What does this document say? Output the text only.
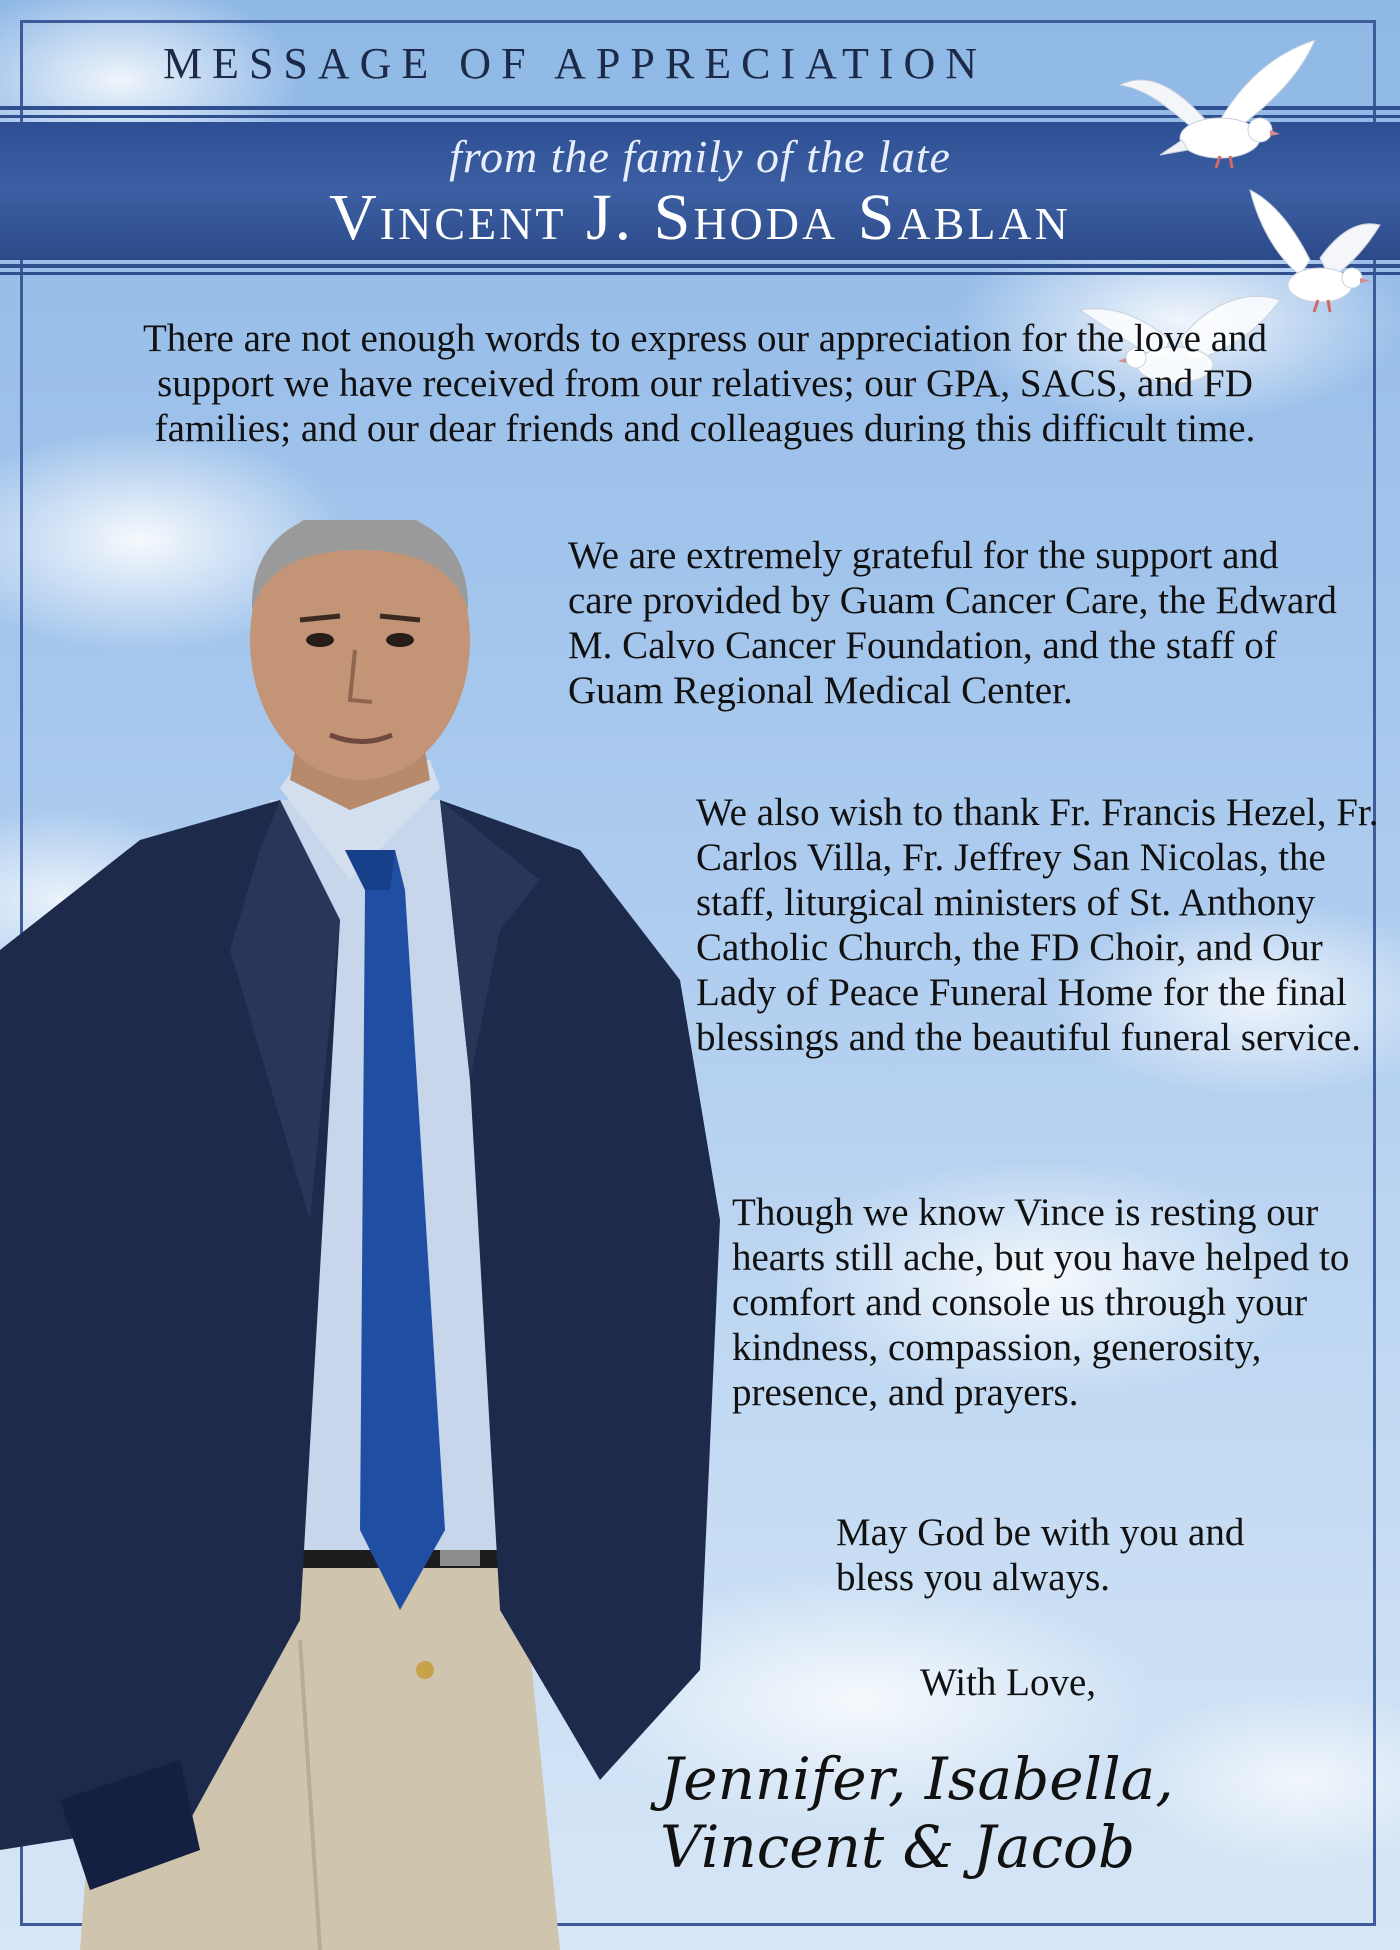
MESSAGE OF APPRECIATION
from the family of the late
Vincent J. Shoda Sablan
There are not enough words to express our appreciation for the love and support we have received from our relatives; our GPA, SACS, and FD families; and our dear friends and colleagues during this difficult time.
We are extremely grateful for the support and care provided by Guam Cancer Care, the Edward M. Calvo Cancer Foundation, and the staff of Guam Regional Medical Center.
We also wish to thank Fr. Francis Hezel, Fr. Carlos Villa, Fr. Jeffrey San Nicolas, the staff, liturgical ministers of St. Anthony Catholic Church, the FD Choir, and Our Lady of Peace Funeral Home for the final blessings and the beautiful funeral service.
Though we know Vince is resting our hearts still ache, but you have helped to comfort and console us through your kindness, compassion, generosity, presence, and prayers.
May God be with you and bless you always.
With Love,
Jennifer, Isabella, Vincent & Jacob
